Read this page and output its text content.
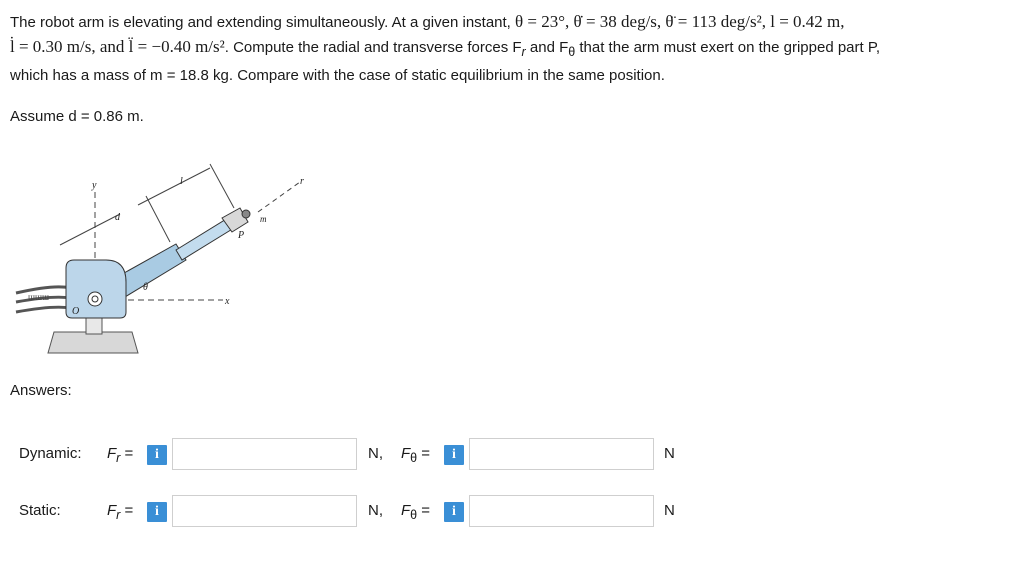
The robot arm is elevating and extending simultaneously. At a given instant, θ = 23°, θ̇ = 38 deg/s, θ̈ = 113 deg/s², l = 0.42 m,

l̇ = 0.30 m/s, and l̈ = −0.40 m/s². Compute the radial and transverse forces $F_r$ and $F_\theta$ that the arm must exert on the gripped part P,

which has a mass of m = 18.8 kg. Compare with the case of static equilibrium in the same position.

Assume d = 0.86 m.
ɯɯɯ
y
x
d
l	r
P
m
O
θ
Answers:
Dynamic: $F_r$ =	i	N, $F_\theta$ =	i	N
Static:	$F_r$ =	i	N, $F_\theta$ =	i	N
